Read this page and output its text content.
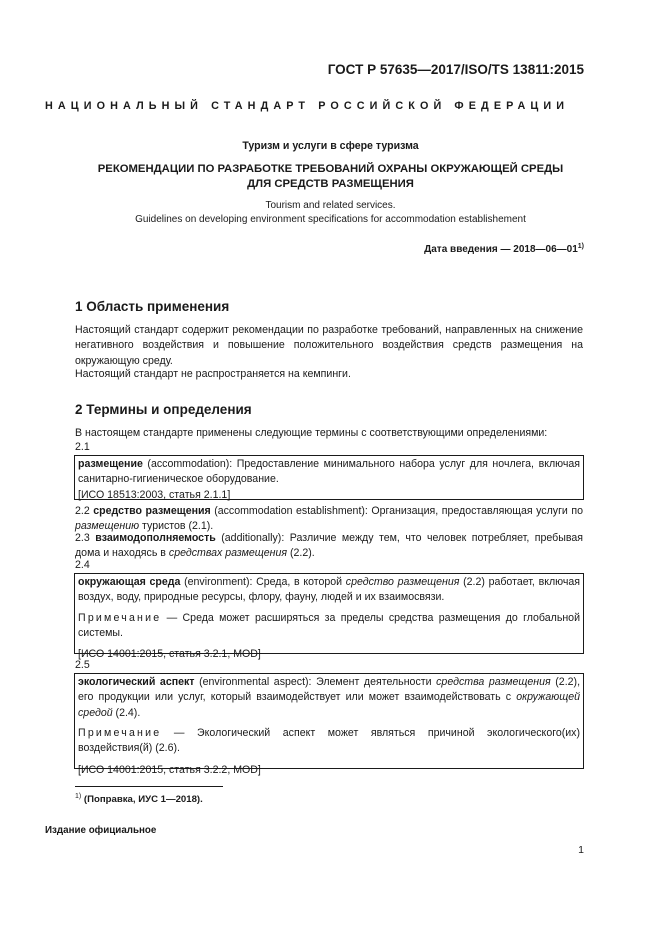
ГОСТ Р 57635—2017/ISO/TS 13811:2015
НАЦИОНАЛЬНЫЙ СТАНДАРТ РОССИЙСКОЙ ФЕДЕРАЦИИ
Туризм и услуги в сфере туризма
РЕКОМЕНДАЦИИ ПО РАЗРАБОТКЕ ТРЕБОВАНИЙ ОХРАНЫ ОКРУЖАЮЩЕЙ СРЕДЫ
ДЛЯ СРЕДСТВ РАЗМЕЩЕНИЯ
Tourism and related services.
Guidelines on developing environment specifications for accommodation establishement
Дата введения — 2018—06—01$^{1)}$
1 Область применения
Настоящий стандарт содержит рекомендации по разработке требований, направленных на снижение негативного воздействия и повышение положительного воздействия средств размещения на окружающую среду.
Настоящий стандарт не распространяется на кемпинги.
2 Термины и определения
В настоящем стандарте применены следующие термины с соответствующими определениями:
2.1

размещение (accommodation): Предоставление минимального набора услуг для ночлега, включая санитарно-гигиеническое оборудование.

[ИСО 18513:2003, статья 2.1.1]

2.2 средство размещения (accommodation establishment): Организация, предоставляющая услуги по размещению туристов (2.1).
2.3 взаимодополняемость (additionally): Различие между тем, что человек потребляет, пребывая дома и находясь в средствах размещения (2.2).
2.4

окружающая среда (environment): Среда, в которой средство размещения (2.2) работает, включая воздух, воду, природные ресурсы, флору, фауну, людей и их взаимосвязи.

Примечание — Среда может расширяться за пределы средства размещения до глобальной системы.

[ИСО 14001:2015, статья 3.2.1, MOD]

2.5

экологический аспект (environmental aspect): Элемент деятельности средства размещения (2.2), его продукции или услуг, который взаимодействует или может взаимодействовать с окружающей средой (2.4).

Примечание — Экологический аспект может являться причиной экологического(их) воздействия(й) (2.6).

[ИСО 14001:2015, статья 3.2.2, MOD]

$^{1)}$ (Поправка, ИУС 1—2018).
Издание официальное
1
